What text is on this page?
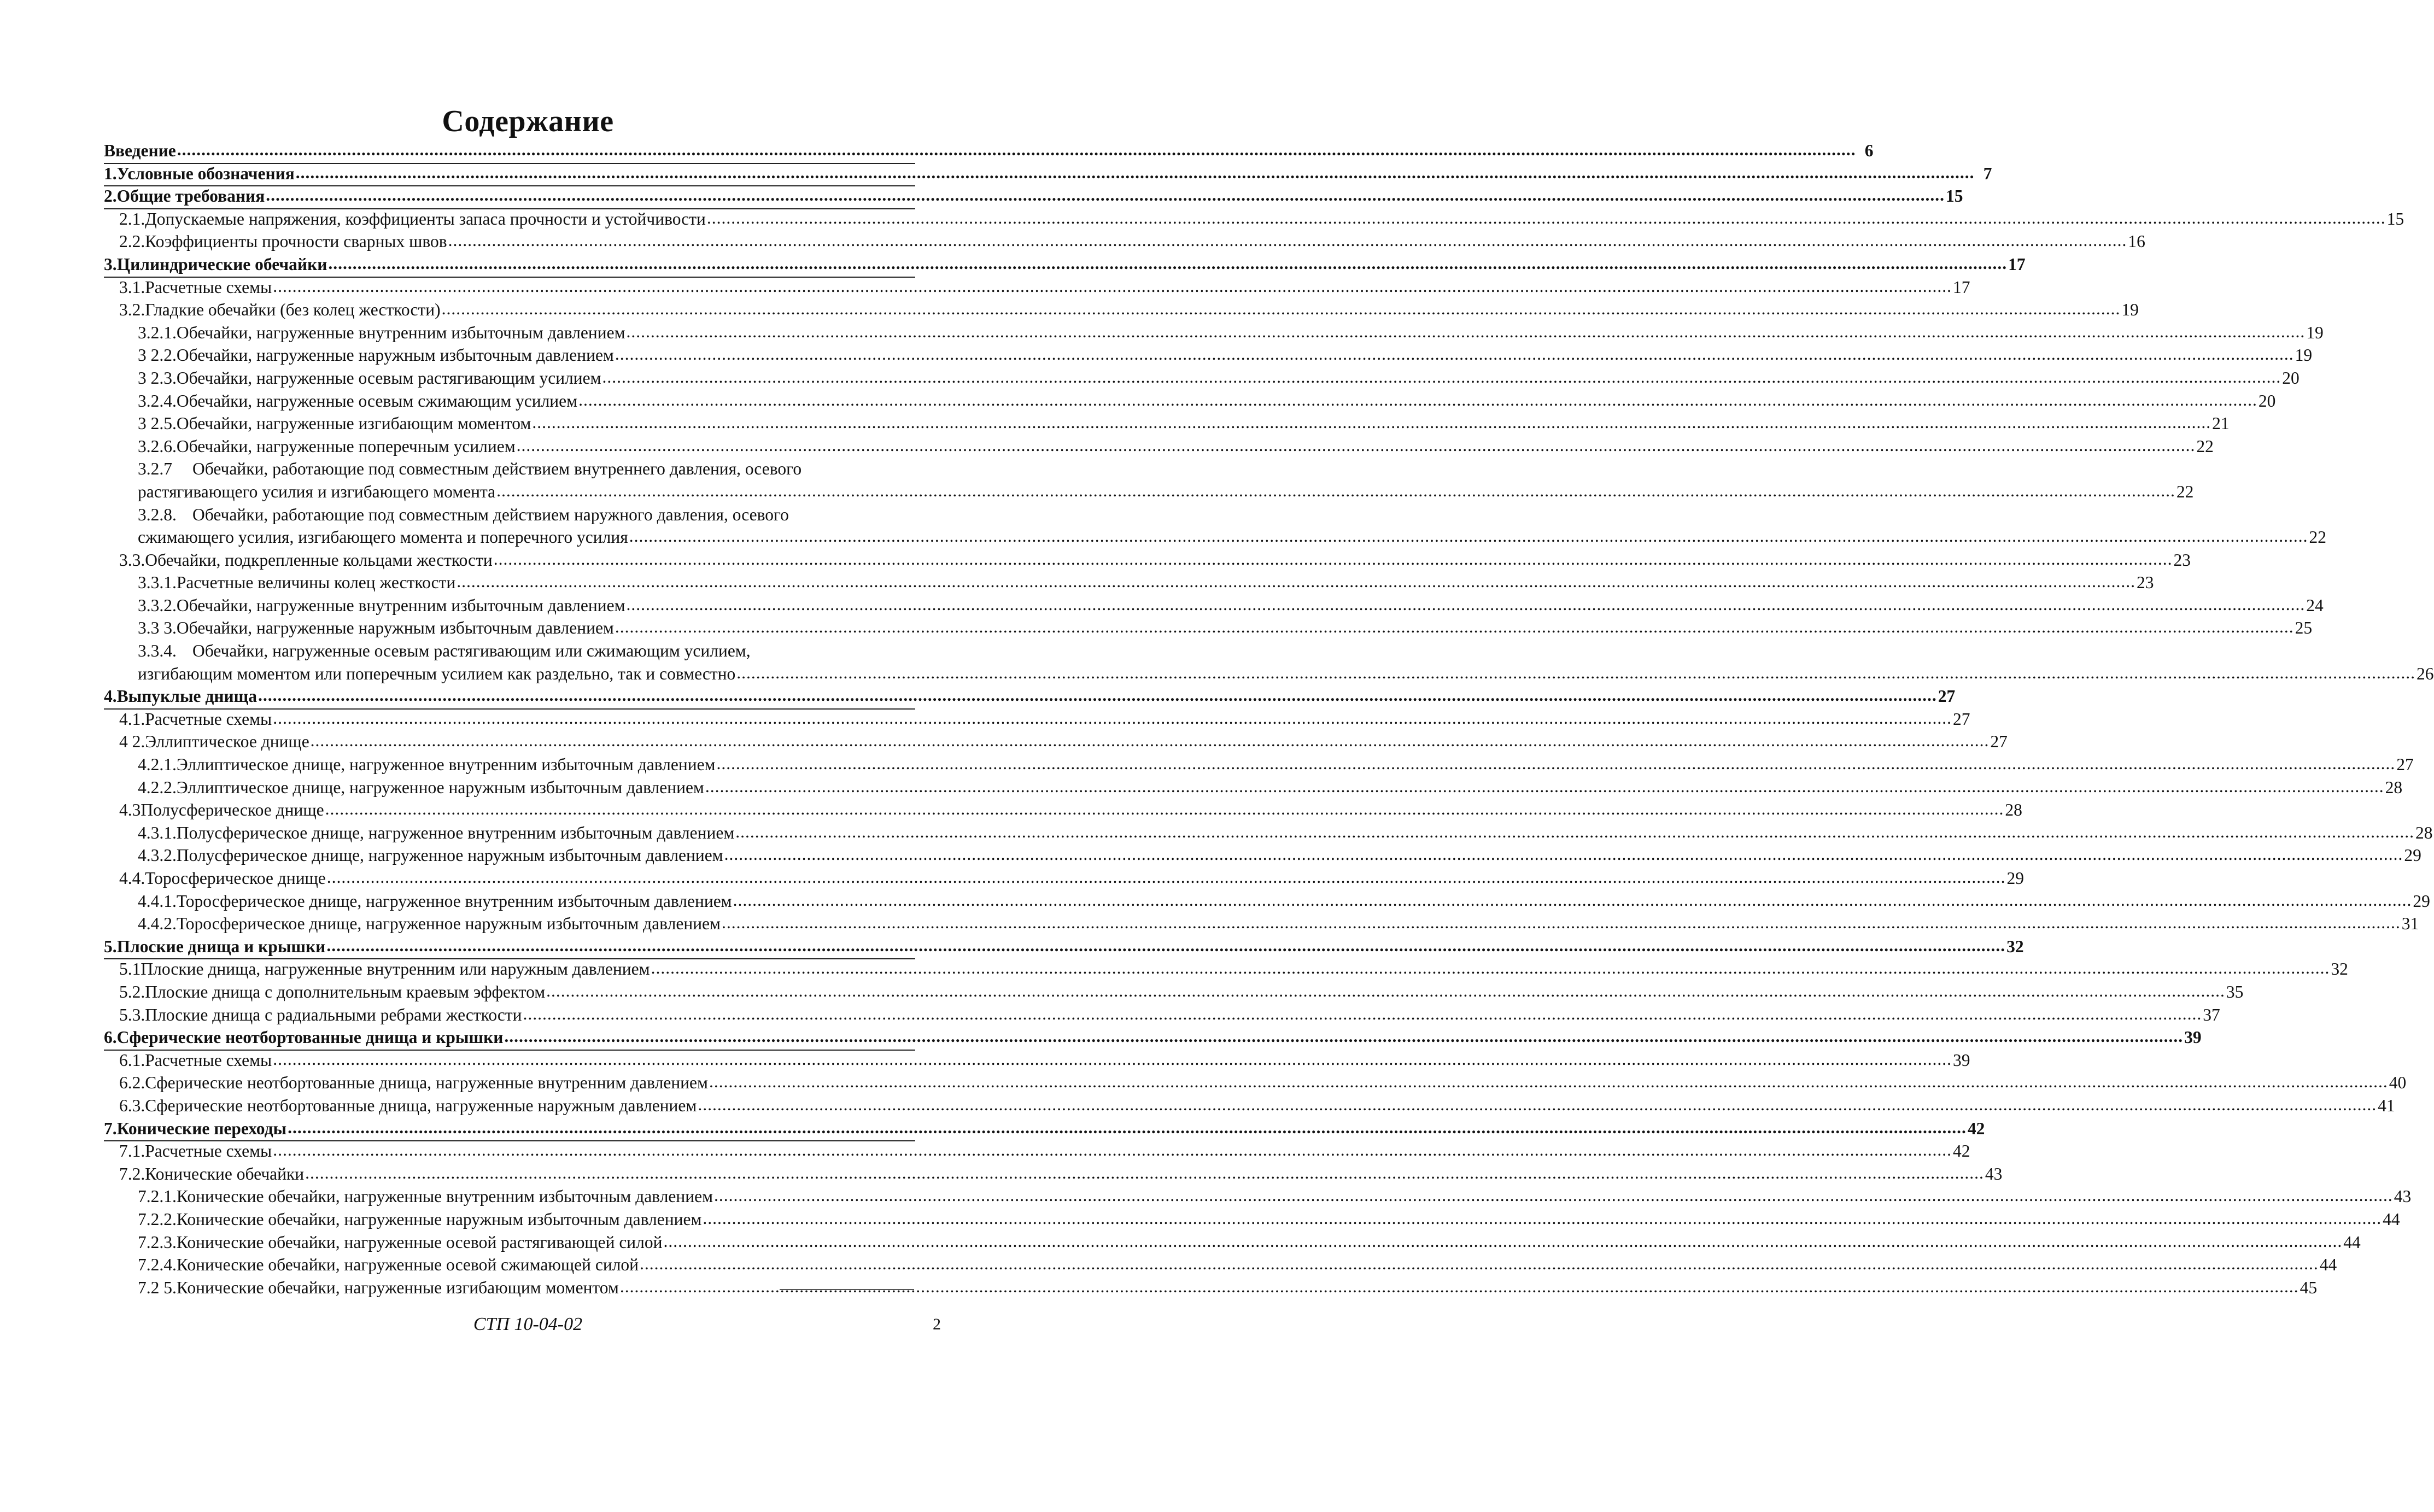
Содержание
Введение .....	6
1. Условные обозначения .....	7
2. Общие требования .....	15
2.1. Допускаемые напряжения, коэффициенты запаса прочности и устойчивости .....	15
2.2. Коэффициенты прочности сварных швов .....	16
3. Цилиндрические обечайки .....	17
3.1. Расчетные схемы .....	17
3.2. Гладкие обечайки (без колец жесткости) .....	19
3.2.1. Обечайки, нагруженные внутренним избыточным давлением .....	19
3 2.2. Обечайки, нагруженные наружным избыточным давлением .....	19
3 2.3. Обечайки, нагруженные осевым растягивающим усилием .....	20
3.2.4. Обечайки, нагруженные осевым сжимающим усилием .....	20
3 2.5. Обечайки, нагруженные изгибающим моментом .....	21
3.2.6. Обечайки, нагруженные поперечным усилием .....	22
3.2.7	Обечайки, работающие под совместным действием внутреннего давления, осевого
растягивающего усилия и изгибающего момента .....	22
3.2.8. Обечайки, работающие под совместным действием наружного давления, осевого
сжимающего усилия, изгибающего момента и поперечного усилия .....	22
3.3. Обечайки, подкрепленные кольцами жесткости .....	23
3.3.1. Расчетные величины колец жесткости .....	23
3.3.2. Обечайки, нагруженные внутренним избыточным давлением .....	24
3.3 3. Обечайки, нагруженные наружным избыточным давлением .....	25
3.3.4. Обечайки, нагруженные осевым растягивающим или сжимающим усилием,
изгибающим моментом или поперечным усилием как раздельно, так и совместно .....	26
4. Выпуклые днища .....	27
4.1. Расчетные схемы .....	27
4 2. Эллиптическое днище .....	27
4.2.1. Эллиптическое днище, нагруженное внутренним избыточным давлением .....	27
4.2.2. Эллиптическое днище, нагруженное наружным избыточным давлением .....	28
4.3 Полусферическое днище .....	28
4.3.1. Полусферическое днище, нагруженное внутренним избыточным давлением .....	28
4.3.2. Полусферическое днище, нагруженное наружным избыточным давлением .....	29
4.4. Торосферическое днище .....	29
4.4.1. Торосферическое днище, нагруженное внутренним избыточным давлением .....	29
4.4.2. Торосферическое днище, нагруженное наружным избыточным давлением .....	31
5. Плоские днища и крышки .....	32
5.1 Плоские днища, нагруженные внутренним или наружным давлением .....	32
5.2. Плоские днища с дополнительным краевым эффектом .....	35
5.3. Плоские днища с радиальными ребрами жесткости .....	37
6. Сферические неотбортованные днища и крышки .....	39
6.1. Расчетные схемы .....	39
6.2. Сферические неотбортованные днища, нагруженные внутренним давлением .....	40
6.3. Сферические неотбортованные днища, нагруженные наружным давлением .....	41
7. Конические переходы .....	42
7.1. Расчетные схемы .....	42
7.2. Конические обечайки .....	43
7.2.1. Конические обечайки, нагруженные внутренним избыточным давлением .....	43
7.2.2. Конические обечайки, нагруженные наружным избыточным давлением .....	44
7.2.3. Конические обечайки, нагруженные осевой растягивающей силой .....	44
7.2.4. Конические обечайки, нагруженные осевой сжимающей силой .....	44
7.2 5. Конические обечайки, нагруженные изгибающим моментом .....	45
СТП 10-04-02	2
